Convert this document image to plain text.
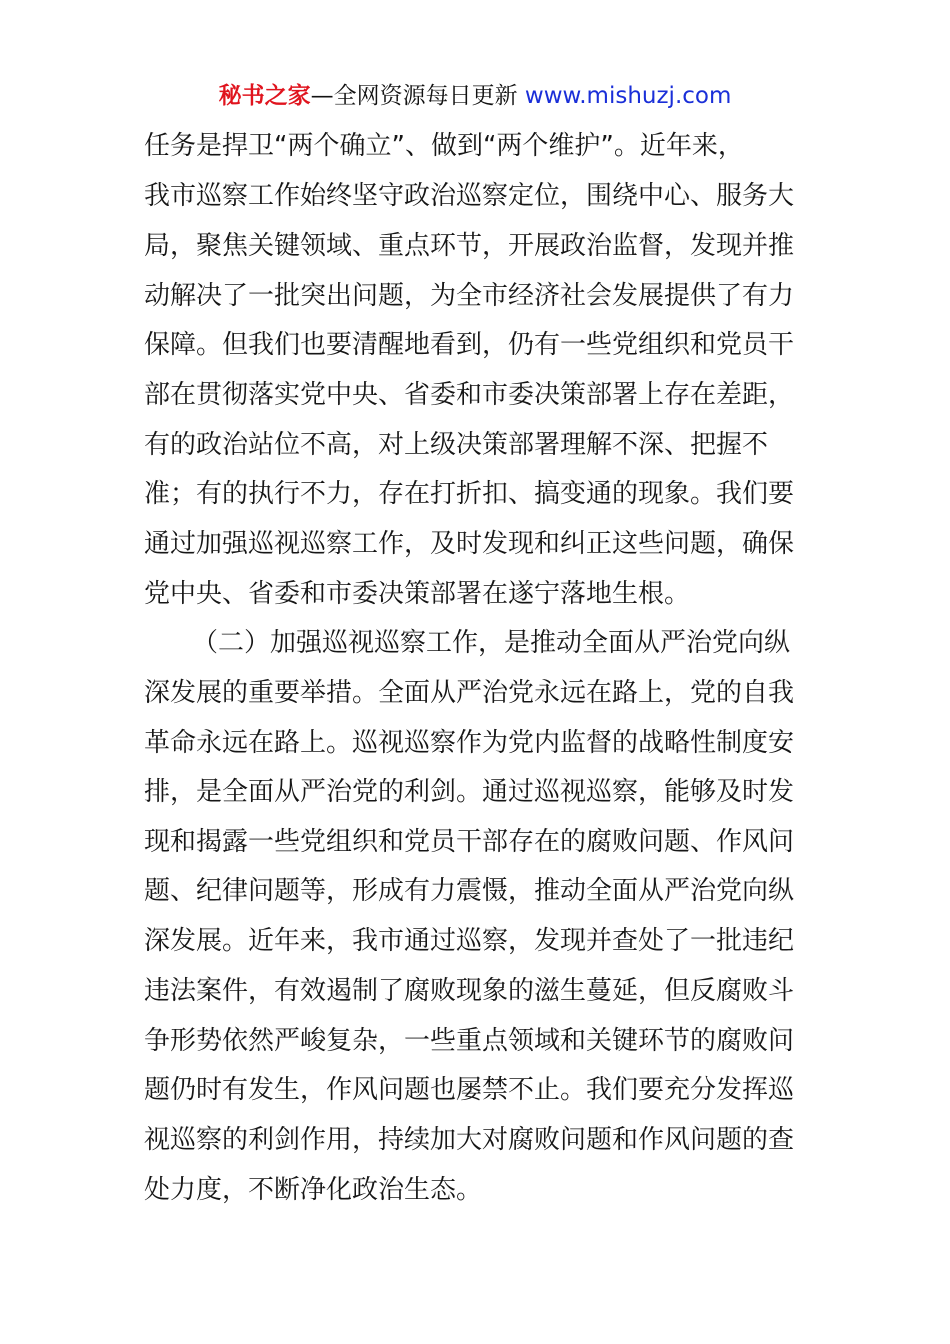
秘书之家—全网资源每日更新 www.mishuzj.com
任务是捍卫“两个确立”、做到“两个维护”。近年来，
我市巡察工作始终坚守政治巡察定位，围绕中心、服务大
局，聚焦关键领域、重点环节，开展政治监督，发现并推
动解决了一批突出问题，为全市经济社会发展提供了有力
保障。但我们也要清醒地看到，仍有一些党组织和党员干
部在贯彻落实党中央、省委和市委决策部署上存在差距，
有的政治站位不高，对上级决策部署理解不深、把握不
准；有的执行不力，存在打折扣、搞变通的现象。我们要
通过加强巡视巡察工作，及时发现和纠正这些问题，确保
党中央、省委和市委决策部署在遂宁落地生根。
（二）加强巡视巡察工作，是推动全面从严治党向纵
深发展的重要举措。全面从严治党永远在路上，党的自我
革命永远在路上。巡视巡察作为党内监督的战略性制度安
排，是全面从严治党的利剑。通过巡视巡察，能够及时发
现和揭露一些党组织和党员干部存在的腐败问题、作风问
题、纪律问题等，形成有力震慑，推动全面从严治党向纵
深发展。近年来，我市通过巡察，发现并查处了一批违纪
违法案件，有效遏制了腐败现象的滋生蔓延，但反腐败斗
争形势依然严峻复杂，一些重点领域和关键环节的腐败问
题仍时有发生，作风问题也屡禁不止。我们要充分发挥巡
视巡察的利剑作用，持续加大对腐败问题和作风问题的查
处力度，不断净化政治生态。
